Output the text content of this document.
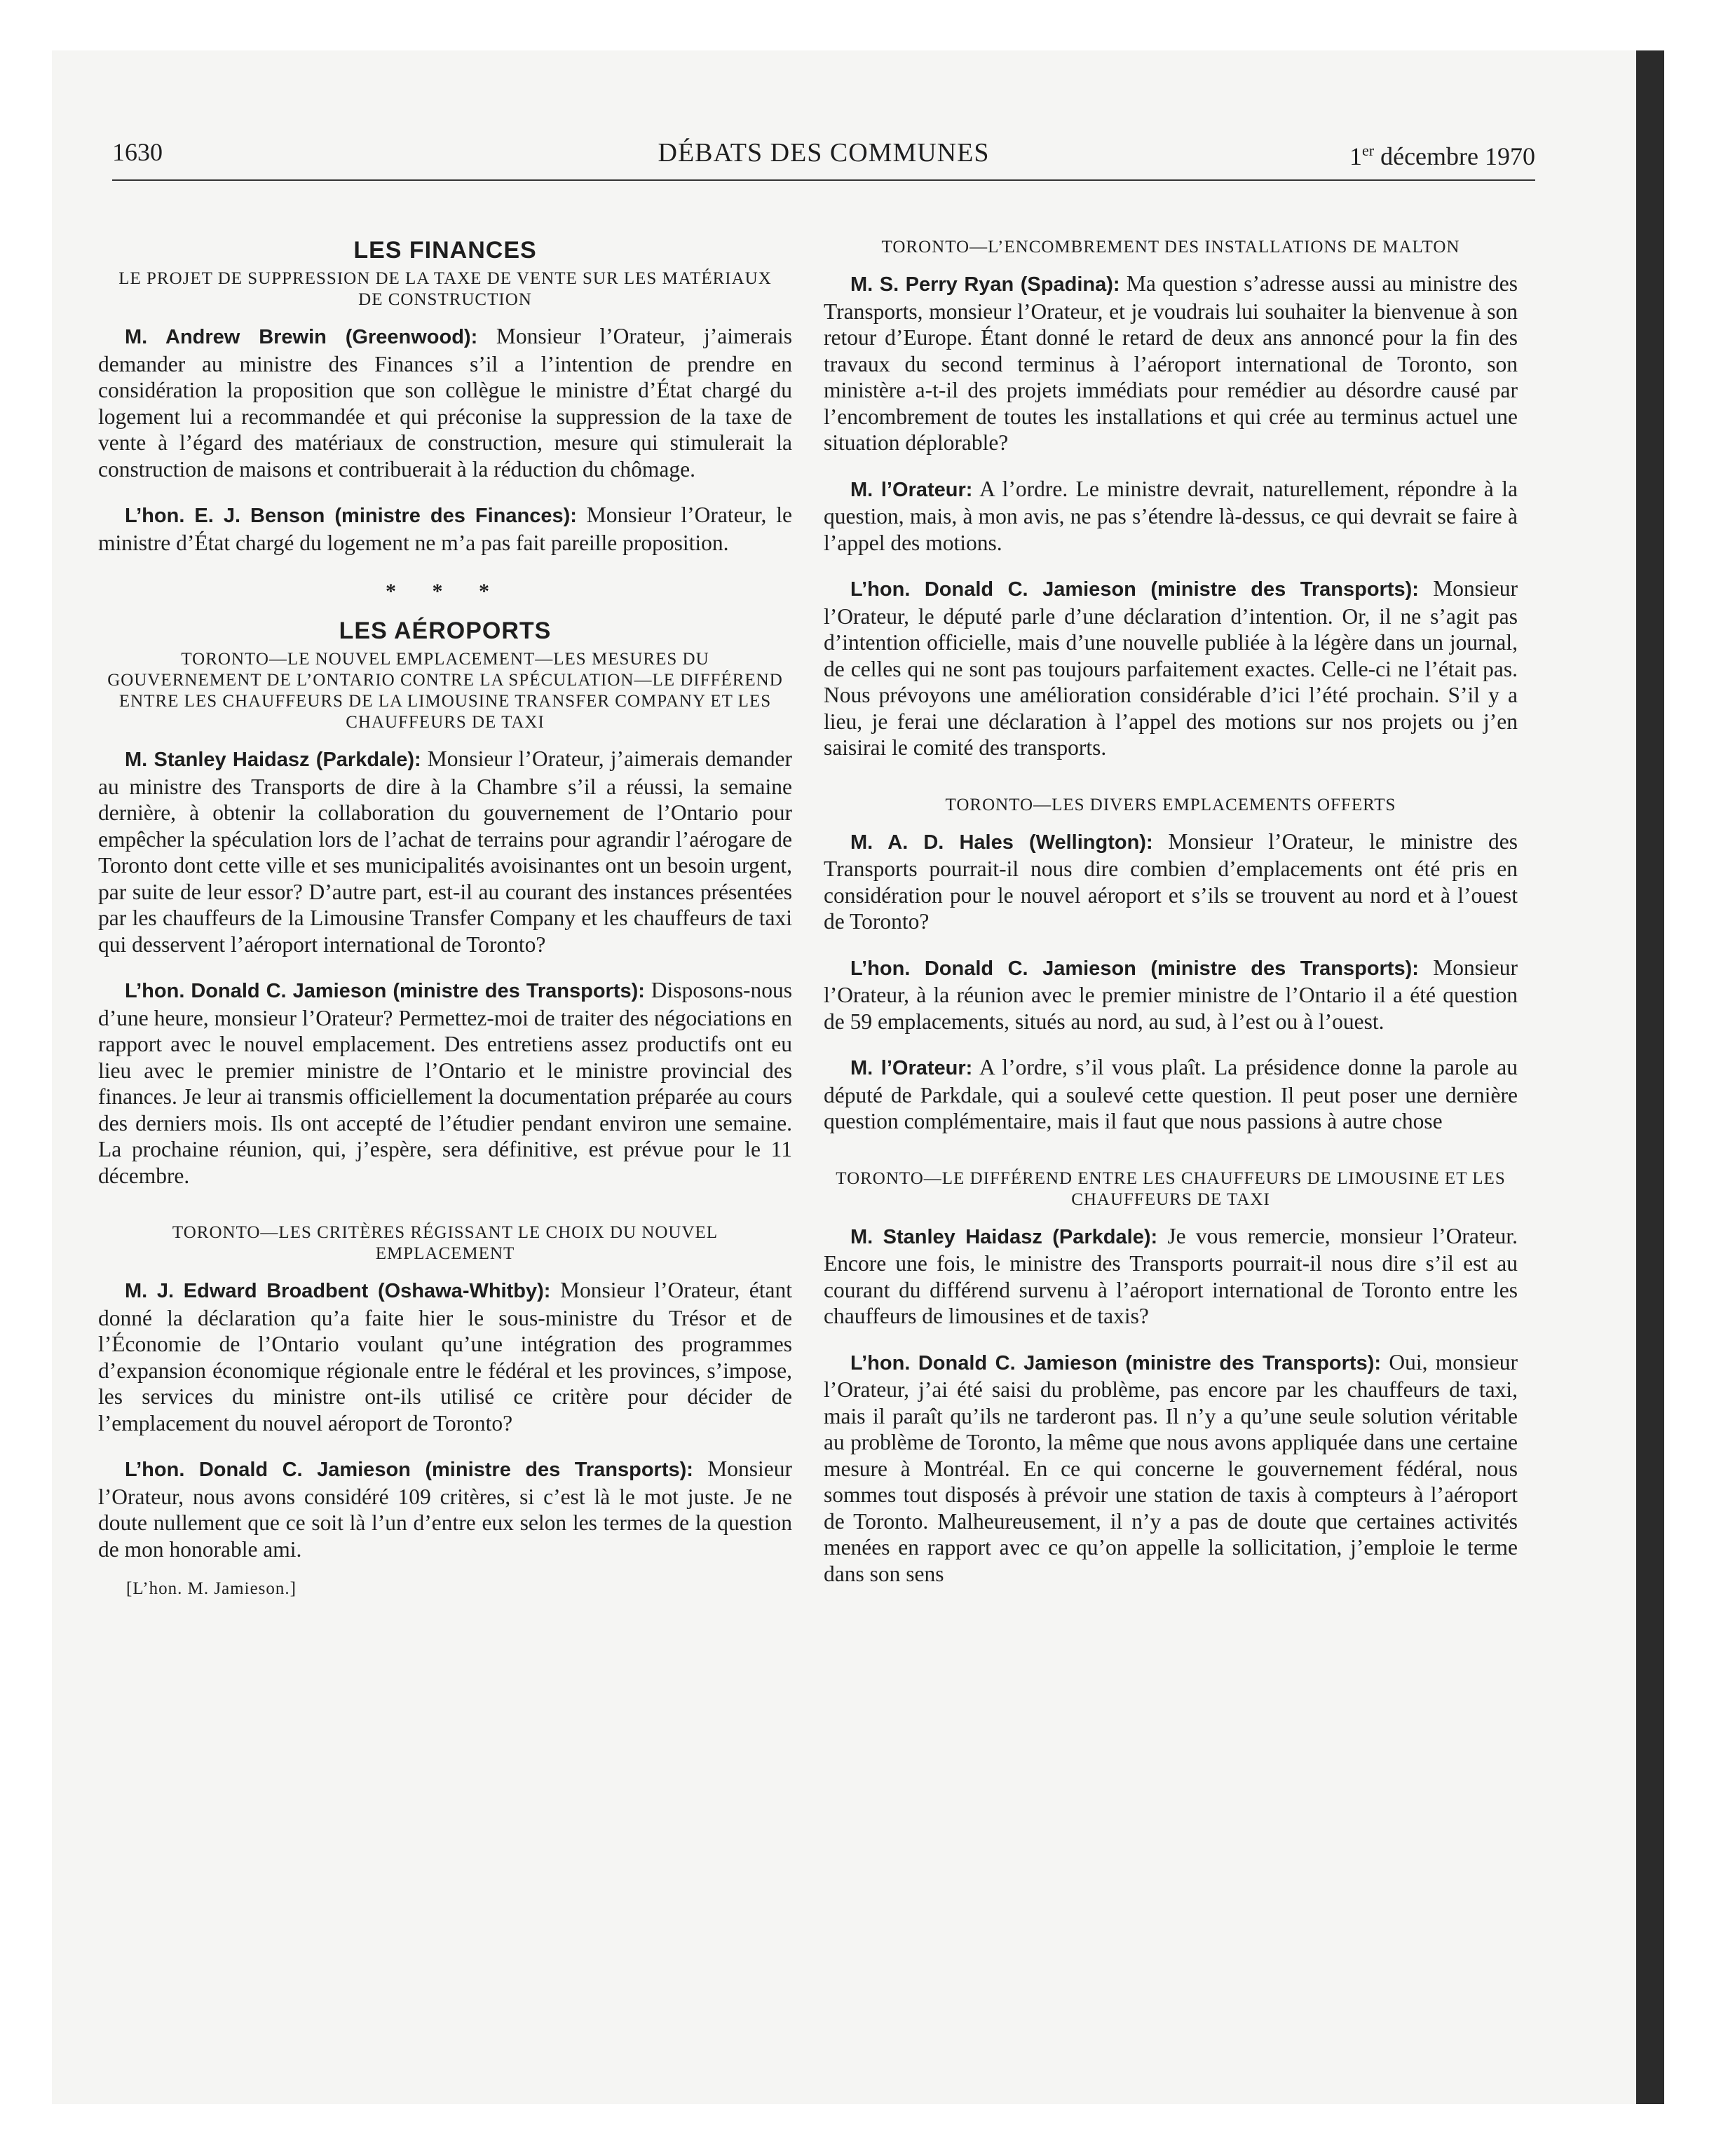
1630	DÉBATS DES COMMUNES	1er décembre 1970
LES FINANCES
LE PROJET DE SUPPRESSION DE LA TAXE DE VENTE SUR LES MATÉRIAUX DE CONSTRUCTION

M. Andrew Brewin (Greenwood): Monsieur l’Orateur, j’aimerais demander au ministre des Finances s’il a l’intention de prendre en considération la proposition que son collègue le ministre d’État chargé du logement lui a recommandée et qui préconise la suppression de la taxe de vente à l’égard des matériaux de construction, mesure qui stimulerait la construction de maisons et contribuerait à la réduction du chômage.

L’hon. E. J. Benson (ministre des Finances): Monsieur l’Orateur, le ministre d’État chargé du logement ne m’a pas fait pareille proposition.

* * *
LES AÉROPORTS
TORONTO—LE NOUVEL EMPLACEMENT—LES MESURES DU GOUVERNEMENT DE L’ONTARIO CONTRE LA SPÉCULATION—LE DIFFÉREND ENTRE LES CHAUFFEURS DE LA LIMOUSINE TRANSFER COMPANY ET LES CHAUFFEURS DE TAXI

M. Stanley Haidasz (Parkdale): Monsieur l’Orateur, j’aimerais demander au ministre des Transports de dire à la Chambre s’il a réussi, la semaine dernière, à obtenir la collaboration du gouvernement de l’Ontario pour empêcher la spéculation lors de l’achat de terrains pour agrandir l’aérogare de Toronto dont cette ville et ses municipalités avoisinantes ont un besoin urgent, par suite de leur essor? D’autre part, est-il au courant des instances présentées par les chauffeurs de la Limousine Transfer Company et les chauffeurs de taxi qui desservent l’aéroport international de Toronto?

L’hon. Donald C. Jamieson (ministre des Transports): Disposons-nous d’une heure, monsieur l’Orateur? Permettez-moi de traiter des négociations en rapport avec le nouvel emplacement. Des entretiens assez productifs ont eu lieu avec le premier ministre de l’Ontario et le ministre provincial des finances. Je leur ai transmis officiellement la documentation préparée au cours des derniers mois. Ils ont accepté de l’étudier pendant environ une semaine. La prochaine réunion, qui, j’espère, sera définitive, est prévue pour le 11 décembre.

TORONTO—LES CRITÈRES RÉGISSANT LE CHOIX DU NOUVEL EMPLACEMENT

M. J. Edward Broadbent (Oshawa-Whitby): Monsieur l’Orateur, étant donné la déclaration qu’a faite hier le sous-ministre du Trésor et de l’Économie de l’Ontario voulant qu’une intégration des programmes d’expansion économique régionale entre le fédéral et les provinces, s’impose, les services du ministre ont-ils utilisé ce critère pour décider de l’emplacement du nouvel aéroport de Toronto?

L’hon. Donald C. Jamieson (ministre des Transports): Monsieur l’Orateur, nous avons considéré 109 critères, si c’est là le mot juste. Je ne doute nullement que ce soit là l’un d’entre eux selon les termes de la question de mon honorable ami.

[L’hon. M. Jamieson.]
TORONTO—L’ENCOMBREMENT DES INSTALLATIONS DE MALTON

M. S. Perry Ryan (Spadina): Ma question s’adresse aussi au ministre des Transports, monsieur l’Orateur, et je voudrais lui souhaiter la bienvenue à son retour d’Europe. Étant donné le retard de deux ans annoncé pour la fin des travaux du second terminus à l’aéroport international de Toronto, son ministère a-t-il des projets immédiats pour remédier au désordre causé par l’encombrement de toutes les installations et qui crée au terminus actuel une situation déplorable?

M. l’Orateur: A l’ordre. Le ministre devrait, naturellement, répondre à la question, mais, à mon avis, ne pas s’étendre là-dessus, ce qui devrait se faire à l’appel des motions.

L’hon. Donald C. Jamieson (ministre des Transports): Monsieur l’Orateur, le député parle d’une déclaration d’intention. Or, il ne s’agit pas d’intention officielle, mais d’une nouvelle publiée à la légère dans un journal, de celles qui ne sont pas toujours parfaitement exactes. Celle-ci ne l’était pas. Nous prévoyons une amélioration considérable d’ici l’été prochain. S’il y a lieu, je ferai une déclaration à l’appel des motions sur nos projets ou j’en saisirai le comité des transports.

TORONTO—LES DIVERS EMPLACEMENTS OFFERTS

M. A. D. Hales (Wellington): Monsieur l’Orateur, le ministre des Transports pourrait-il nous dire combien d’emplacements ont été pris en considération pour le nouvel aéroport et s’ils se trouvent au nord et à l’ouest de Toronto?

L’hon. Donald C. Jamieson (ministre des Transports): Monsieur l’Orateur, à la réunion avec le premier ministre de l’Ontario il a été question de 59 emplacements, situés au nord, au sud, à l’est ou à l’ouest.

M. l’Orateur: A l’ordre, s’il vous plaît. La présidence donne la parole au député de Parkdale, qui a soulevé cette question. Il peut poser une dernière question complémentaire, mais il faut que nous passions à autre chose

TORONTO—LE DIFFÉREND ENTRE LES CHAUFFEURS DE LIMOUSINE ET LES CHAUFFEURS DE TAXI

M. Stanley Haidasz (Parkdale): Je vous remercie, monsieur l’Orateur. Encore une fois, le ministre des Transports pourrait-il nous dire s’il est au courant du différend survenu à l’aéroport international de Toronto entre les chauffeurs de limousines et de taxis?

L’hon. Donald C. Jamieson (ministre des Transports): Oui, monsieur l’Orateur, j’ai été saisi du problème, pas encore par les chauffeurs de taxi, mais il paraît qu’ils ne tarderont pas. Il n’y a qu’une seule solution véritable au problème de Toronto, la même que nous avons appliquée dans une certaine mesure à Montréal. En ce qui concerne le gouvernement fédéral, nous sommes tout disposés à prévoir une station de taxis à compteurs à l’aéroport de Toronto. Malheureusement, il n’y a pas de doute que certaines activités menées en rapport avec ce qu’on appelle la sollicitation, j’emploie le terme dans son sens
